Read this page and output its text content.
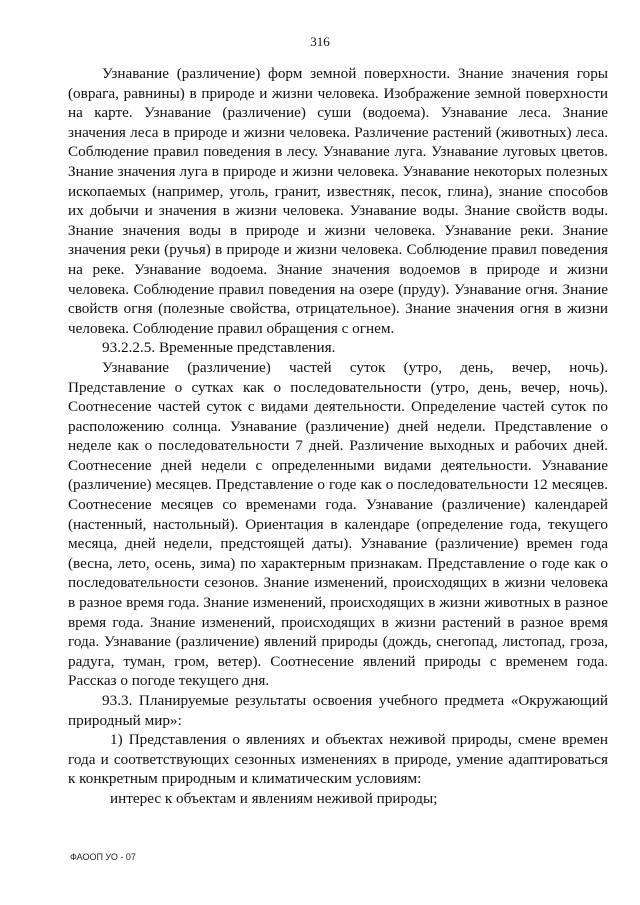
316

Узнавание (различение) форм земной поверхности. Знание значения горы (оврага, равнины) в природе и жизни человека. Изображение земной поверхности на карте. Узнавание (различение) суши (водоема). Узнавание леса. Знание значения леса в природе и жизни человека. Различение растений (животных) леса. Соблюдение правил поведения в лесу. Узнавание луга. Узнавание луговых цветов. Знание значения луга в природе и жизни человека. Узнавание некоторых полезных ископаемых (например, уголь, гранит, известняк, песок, глина), знание способов их добычи и значения в жизни человека. Узнавание воды. Знание свойств воды. Знание значения воды в природе и жизни человека. Узнавание реки. Знание значения реки (ручья) в природе и жизни человека. Соблюдение правил поведения на реке. Узнавание водоема. Знание значения водоемов в природе и жизни человека. Соблюдение правил поведения на озере (пруду). Узнавание огня. Знание свойств огня (полезные свойства, отрицательное). Знание значения огня в жизни человека. Соблюдение правил обращения с огнем.

93.2.2.5. Временные представления.

Узнавание (различение) частей суток (утро, день, вечер, ночь). Представление о сутках как о последовательности (утро, день, вечер, ночь). Соотнесение частей суток с видами деятельности. Определение частей суток по расположению солнца. Узнавание (различение) дней недели. Представление о неделе как о последовательности 7 дней. Различение выходных и рабочих дней. Соотнесение дней недели с определенными видами деятельности. Узнавание (различение) месяцев. Представление о годе как о последовательности 12 месяцев. Соотнесение месяцев со временами года. Узнавание (различение) календарей (настенный, настольный). Ориентация в календаре (определение года, текущего месяца, дней недели, предстоящей даты). Узнавание (различение) времен года (весна, лето, осень, зима) по характерным признакам. Представление о годе как о последовательности сезонов. Знание изменений, происходящих в жизни человека в разное время года. Знание изменений, происходящих в жизни животных в разное время года. Знание изменений, происходящих в жизни растений в разное время года. Узнавание (различение) явлений природы (дождь, снегопад, листопад, гроза, радуга, туман, гром, ветер). Соотнесение явлений природы с временем года. Рассказ о погоде текущего дня.

93.3. Планируемые результаты освоения учебного предмета «Окружающий природный мир»:

1) Представления о явлениях и объектах неживой природы, смене времен года и соответствующих сезонных изменениях в природе, умение адаптироваться к конкретным природным и климатическим условиям:

интерес к объектам и явлениям неживой природы;

ФАООП УО - 07
